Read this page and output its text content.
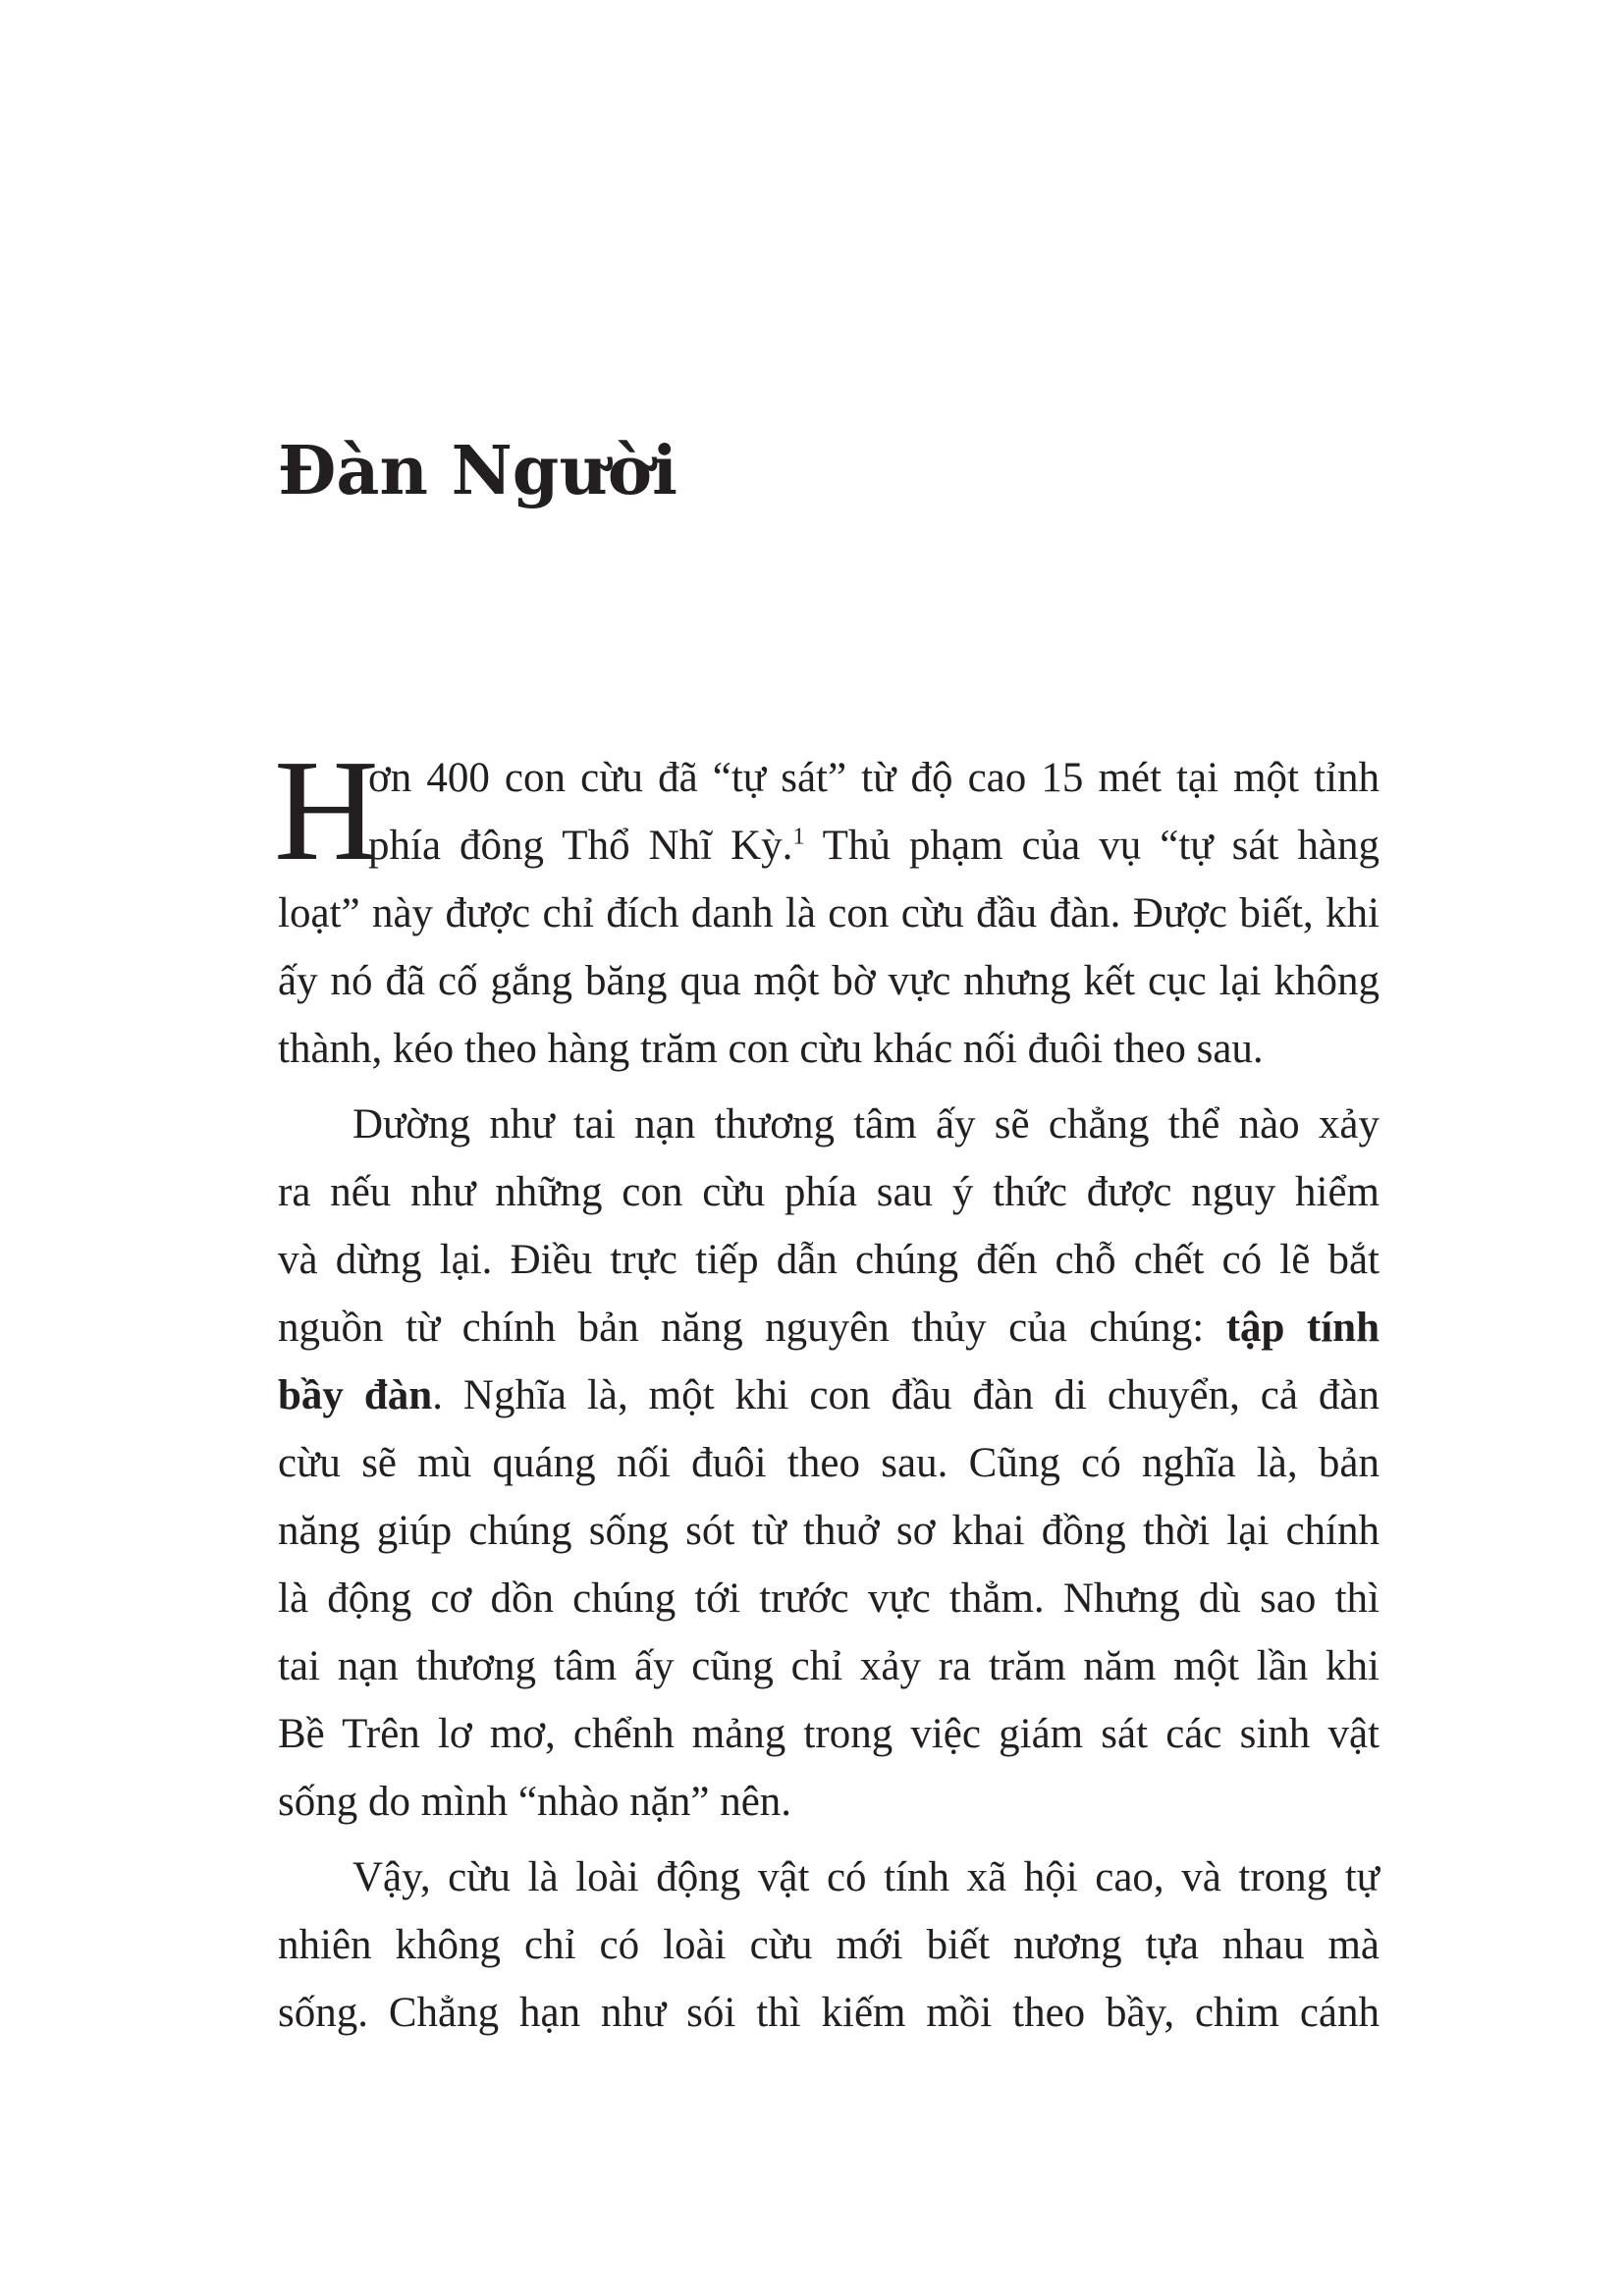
Đàn Người
H
ơn 400 con cừu đã “tự sát” từ độ cao 15 mét tại một tỉnh
phía đông Thổ Nhĩ Kỳ.$^1$ Thủ phạm của vụ “tự sát hàng
loạt” này được chỉ đích danh là con cừu đầu đàn. Được biết, khi
ấy nó đã cố gắng băng qua một bờ vực nhưng kết cục lại không
thành, kéo theo hàng trăm con cừu khác nối đuôi theo sau.
Dường như tai nạn thương tâm ấy sẽ chẳng thể nào xảy
ra nếu như những con cừu phía sau ý thức được nguy hiểm
và dừng lại. Điều trực tiếp dẫn chúng đến chỗ chết có lẽ bắt
nguồn từ chính bản năng nguyên thủy của chúng: tập tính
bầy đàn. Nghĩa là, một khi con đầu đàn di chuyển, cả đàn
cừu sẽ mù quáng nối đuôi theo sau. Cũng có nghĩa là, bản
năng giúp chúng sống sót từ thuở sơ khai đồng thời lại chính
là động cơ dồn chúng tới trước vực thẳm. Nhưng dù sao thì
tai nạn thương tâm ấy cũng chỉ xảy ra trăm năm một lần khi
Bề Trên lơ mơ, chểnh mảng trong việc giám sát các sinh vật
sống do mình “nhào nặn” nên.
Vậy, cừu là loài động vật có tính xã hội cao, và trong tự
nhiên không chỉ có loài cừu mới biết nương tựa nhau mà
sống. Chẳng hạn như sói thì kiếm mồi theo bầy, chim cánh
